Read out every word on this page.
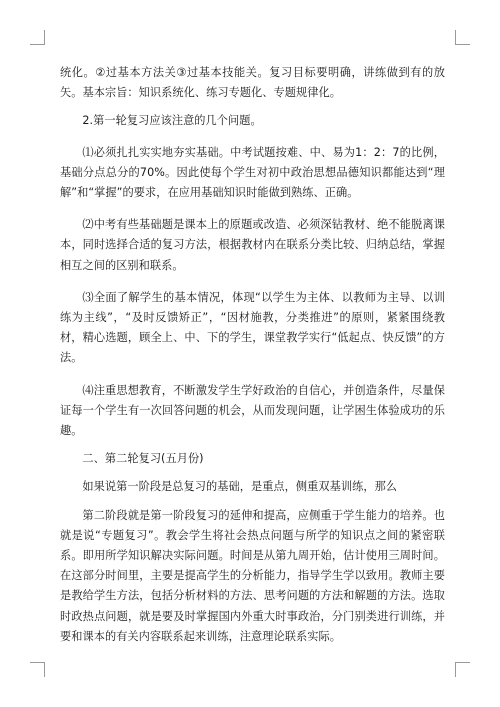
统化。②过基本方法关③过基本技能关。复习目标要明确，讲练做到有的放矢。基本宗旨：知识系统化、练习专题化、专题规律化。

2.第一轮复习应该注意的几个问题。

⑴必须扎扎实实地夯实基础。中考试题按难、中、易为1：2：7的比例，基础分点总分的70%。因此使每个学生对初中政治思想品德知识都能达到“理解”和“掌握”的要求，在应用基础知识时能做到熟练、正确。

⑵中考有些基础题是课本上的原题或改造、必须深钻教材、绝不能脱离课本，同时选择合适的复习方法，根据教材内在联系分类比较、归纳总结，掌握相互之间的区别和联系。

⑶全面了解学生的基本情况，体现“以学生为主体、以教师为主导、以训练为主线”，“及时反馈矫正”，“因材施教，分类推进”的原则，紧紧围绕教材，精心选题，顾全上、中、下的学生，课堂教学实行“低起点、快反馈”的方法。

⑷注重思想教育，不断激发学生学好政治的自信心，并创造条件，尽量保证每一个学生有一次回答问题的机会，从而发现问题，让学困生体验成功的乐趣。

二、第二轮复习(五月份)

如果说第一阶段是总复习的基础，是重点，侧重双基训练，那么

第二阶段就是第一阶段复习的延伸和提高，应侧重于学生能力的培养。也就是说“专题复习”。教会学生将社会热点问题与所学的知识点之间的紧密联系。即用所学知识解决实际问题。时间是从第九周开始，估计使用三周时间。在这部分时间里，主要是提高学生的分析能力，指导学生学以致用。教师主要是教给学生方法，包括分析材料的方法、思考问题的方法和解题的方法。选取时政热点问题，就是要及时掌握国内外重大时事政治，分门别类进行训练，并要和课本的有关内容联系起来训练，注意理论联系实际。
